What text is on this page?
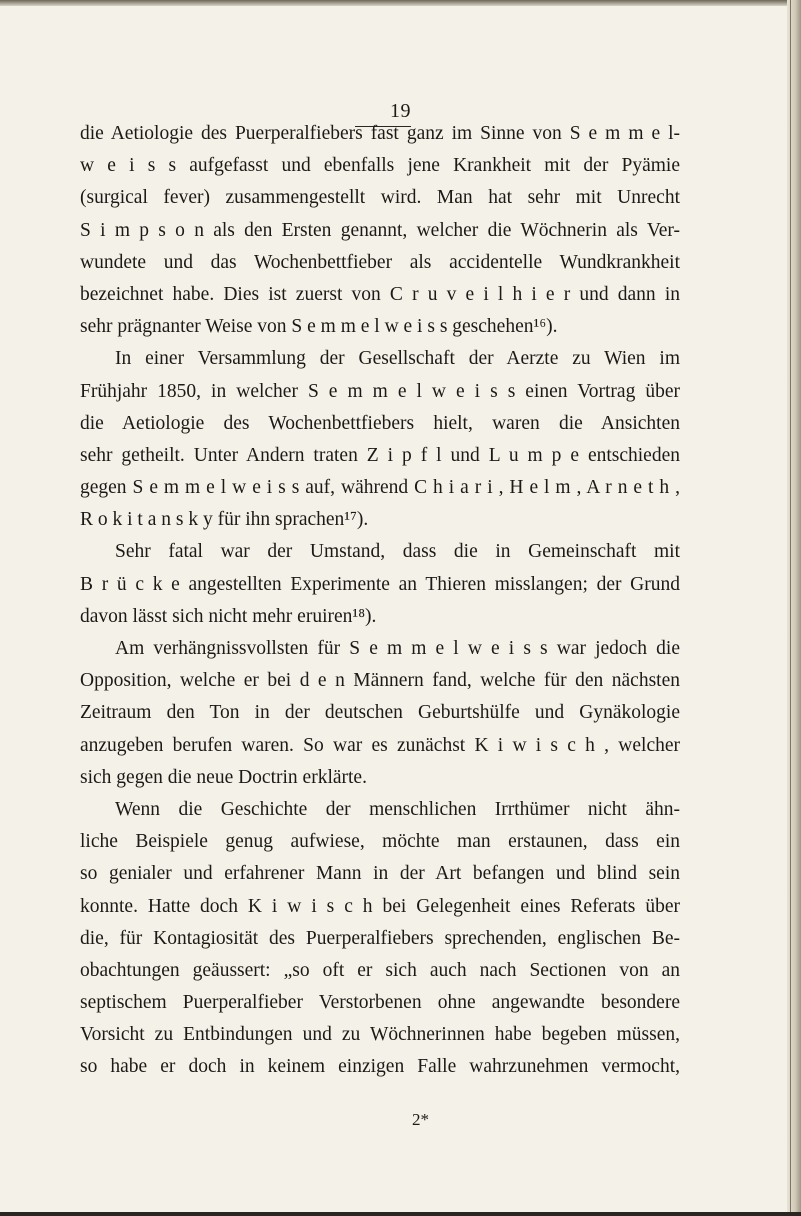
19
die Aetiologie des Puerperalfiebers fast ganz im Sinne von S e m m e l-
w e i s s aufgefasst und ebenfalls jene Krankheit mit der Pyämie
(surgical fever) zusammengestellt wird. Man hat sehr mit Unrecht
S i m p s o n als den Ersten genannt, welcher die Wöchnerin als Ver-
wundete und das Wochenbettfieber als accidentelle Wundkrankheit
bezeichnet habe. Dies ist zuerst von C r u v e i l h i e r und dann in
sehr prägnanter Weise von S e m m e l w e i s s geschehen¹⁶).
In einer Versammlung der Gesellschaft der Aerzte zu Wien im
Frühjahr 1850, in welcher S e m m e l w e i s s einen Vortrag über
die Aetiologie des Wochenbettfiebers hielt, waren die Ansichten
sehr getheilt. Unter Andern traten Z i p f l und L u m p e entschieden
gegen S e m m e l w e i s s auf, während C h i a r i , H e l m , A r n e t h ,
R o k i t a n s k y für ihn sprachen¹⁷).
Sehr fatal war der Umstand, dass die in Gemeinschaft mit
B r ü c k e angestellten Experimente an Thieren misslangen; der Grund
davon lässt sich nicht mehr eruiren¹⁸).
Am verhängnissvollsten für S e m m e l w e i s s war jedoch die
Opposition, welche er bei d e n Männern fand, welche für den nächsten
Zeitraum den Ton in der deutschen Geburtshülfe und Gynäkologie
anzugeben berufen waren. So war es zunächst K i w i s c h , welcher
sich gegen die neue Doctrin erklärte.
Wenn die Geschichte der menschlichen Irrthümer nicht ähn-
liche Beispiele genug aufwiese, möchte man erstaunen, dass ein
so genialer und erfahrener Mann in der Art befangen und blind sein
konnte. Hatte doch K i w i s c h bei Gelegenheit eines Referats über
die, für Kontagiosität des Puerperalfiebers sprechenden, englischen Be-
obachtungen geäussert: „so oft er sich auch nach Sectionen von an
septischem Puerperalfieber Verstorbenen ohne angewandte besondere
Vorsicht zu Entbindungen und zu Wöchnerinnen habe begeben müssen,
so habe er doch in keinem einzigen Falle wahrzunehmen vermocht,
2*
